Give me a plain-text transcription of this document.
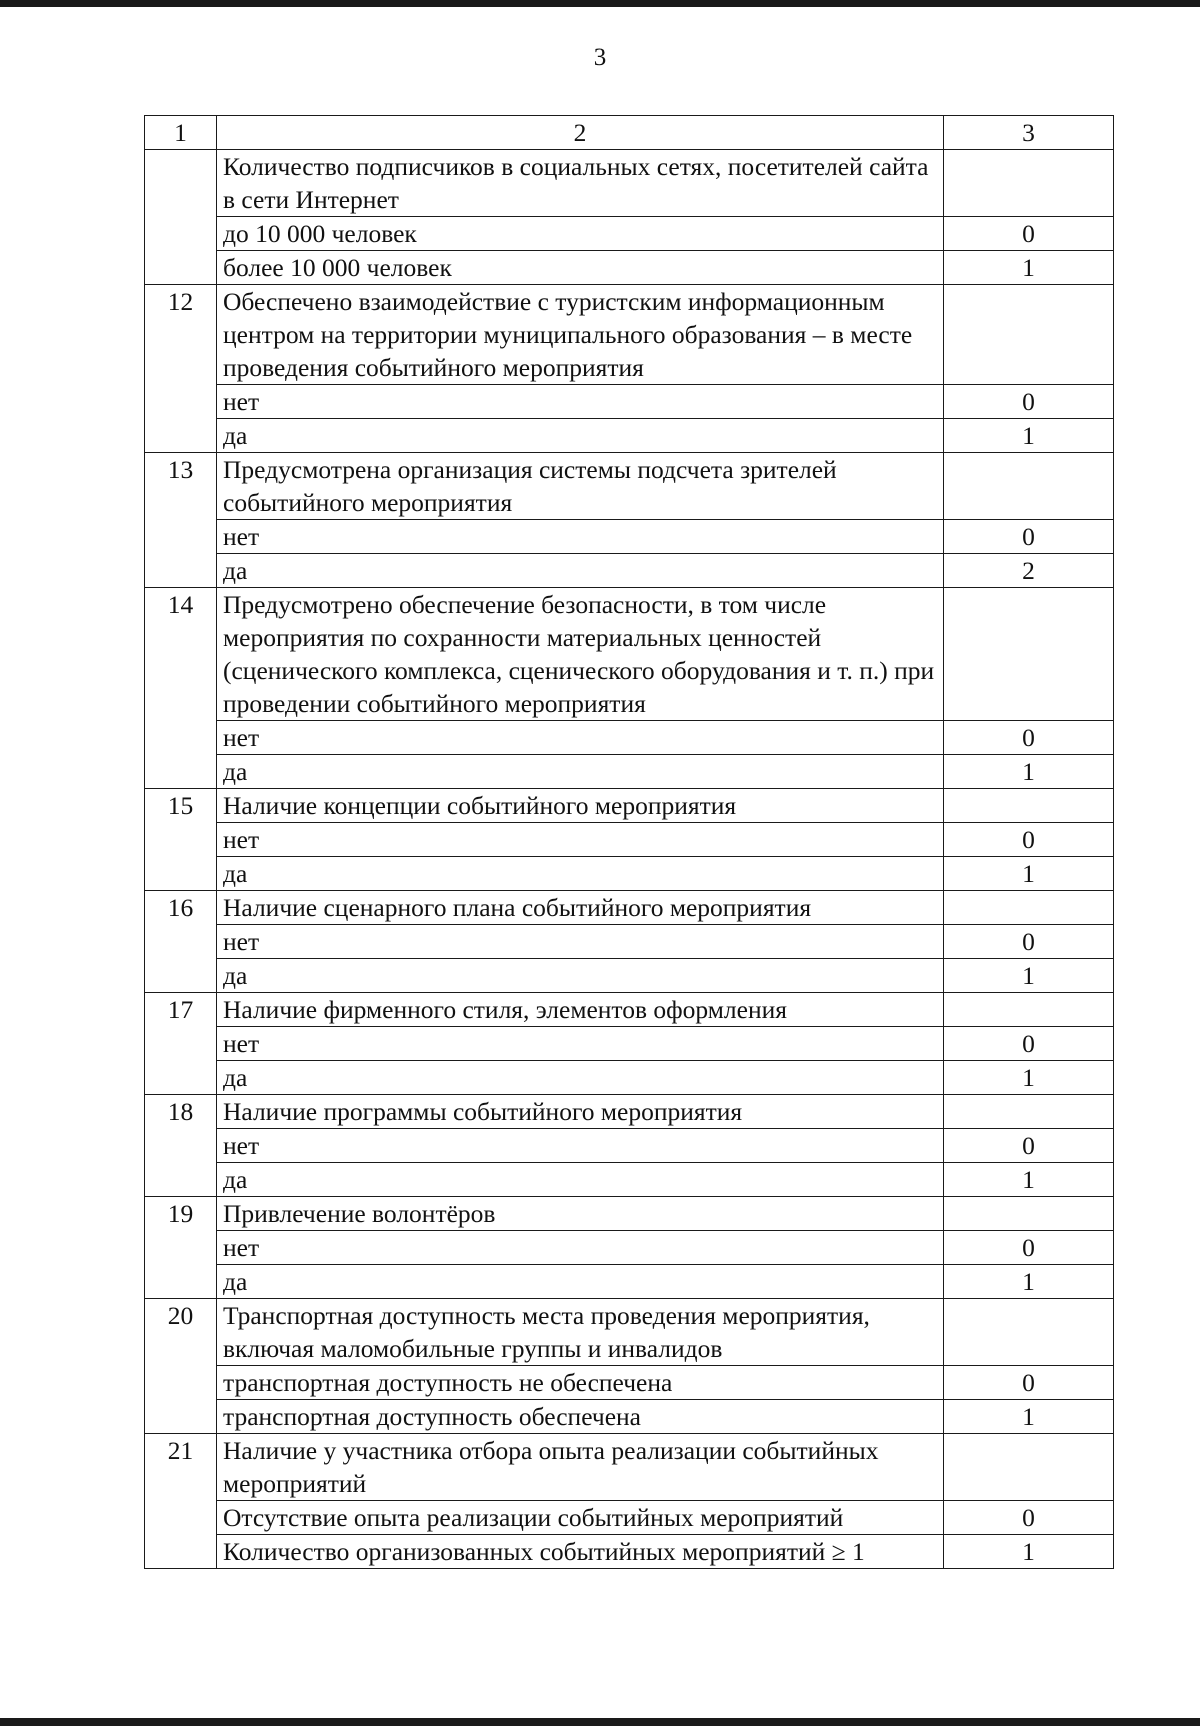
3
1	2	3
	Количество подписчиков в социальных сетях, посетителей сайта в сети Интернет	
	до 10 000 человек	0
	более 10 000 человек	1
12	Обеспечено взаимодействие с туристским информационным центром на территории муниципального образования – в месте проведения событийного мероприятия	
	нет	0
	да	1
13	Предусмотрена организация системы подсчета зрителей событийного мероприятия	
	нет	0
	да	2
14	Предусмотрено обеспечение безопасности, в том числе мероприятия по сохранности материальных ценностей (сценического комплекса, сценического оборудования и т. п.) при проведении событийного мероприятия	
	нет	0
	да	1
15	Наличие концепции событийного мероприятия	
	нет	0
	да	1
16	Наличие сценарного плана событийного мероприятия	
	нет	0
	да	1
17	Наличие фирменного стиля, элементов оформления	
	нет	0
	да	1
18	Наличие программы событийного мероприятия	
	нет	0
	да	1
19	Привлечение волонтёров	
	нет	0
	да	1
20	Транспортная доступность места проведения мероприятия, включая маломобильные группы и инвалидов	
	транспортная доступность не обеспечена	0
	транспортная доступность обеспечена	1
21	Наличие у участника отбора опыта реализации событийных мероприятий	
	Отсутствие опыта реализации событийных мероприятий	0
	Количество организованных событийных мероприятий ≥ 1	1
